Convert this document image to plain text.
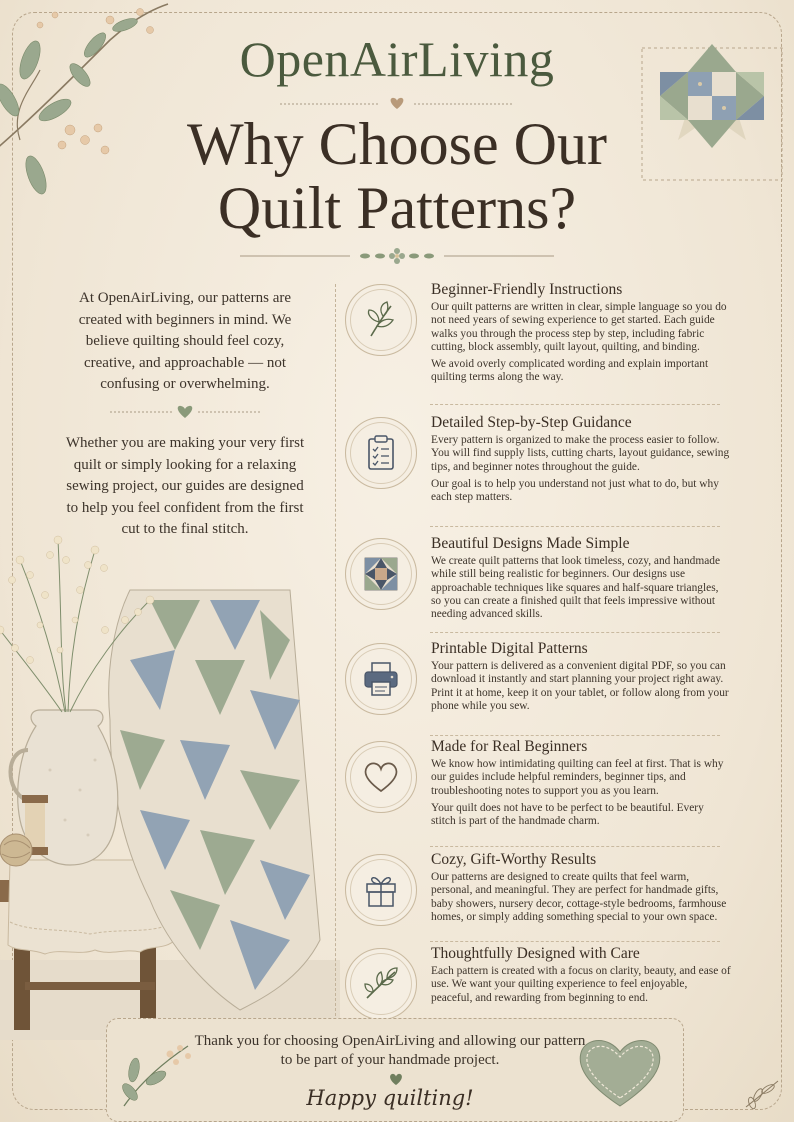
OpenAirLiving
Why Choose Our
Quilt Patterns?
At OpenAirLiving, our patterns are created with beginners in mind. We believe quilting should feel cozy, creative, and approachable — not confusing or overwhelming.
Whether you are making your very first quilt or simply looking for a relaxing sewing project, our guides are designed to help you feel confident from the first cut to the final stitch.
Beginner-Friendly Instructions

Our quilt patterns are written in clear, simple language so you do not need years of sewing experience to get started. Each guide walks you through the process step by step, including fabric cutting, block assembly, quilt layout, quilting, and binding.

We avoid overly complicated wording and explain important quilting terms along the way.

Detailed Step-by-Step Guidance

Every pattern is organized to make the process easier to follow. You will find supply lists, cutting charts, layout guidance, sewing tips, and beginner notes throughout the guide.

Our goal is to help you understand not just what to do, but why each step matters.

Beautiful Designs Made Simple

We create quilt patterns that look timeless, cozy, and handmade while still being realistic for beginners. Our designs use approachable techniques like squares and half-square triangles, so you can create a finished quilt that feels impressive without needing advanced skills.

Printable Digital Patterns

Your pattern is delivered as a convenient digital PDF, so you can download it instantly and start planning your project right away. Print it at home, keep it on your tablet, or follow along from your phone while you sew.

Made for Real Beginners

We know how intimidating quilting can feel at first. That is why our guides include helpful reminders, beginner tips, and troubleshooting notes to support you as you learn.

Your quilt does not have to be perfect to be beautiful. Every stitch is part of the handmade charm.

Cozy, Gift-Worthy Results

Our patterns are designed to create quilts that feel warm, personal, and meaningful. They are perfect for handmade gifts, baby showers, nursery decor, cottage-style bedrooms, farmhouse homes, or simply adding something special to your own space.

Thoughtfully Designed with Care

Each pattern is created with a focus on clarity, beauty, and ease of use. We want your quilting experience to feel enjoyable, peaceful, and rewarding from beginning to end.

Thank you for choosing OpenAirLiving and allowing our pattern to be part of your handmade project.
Happy quilting!
